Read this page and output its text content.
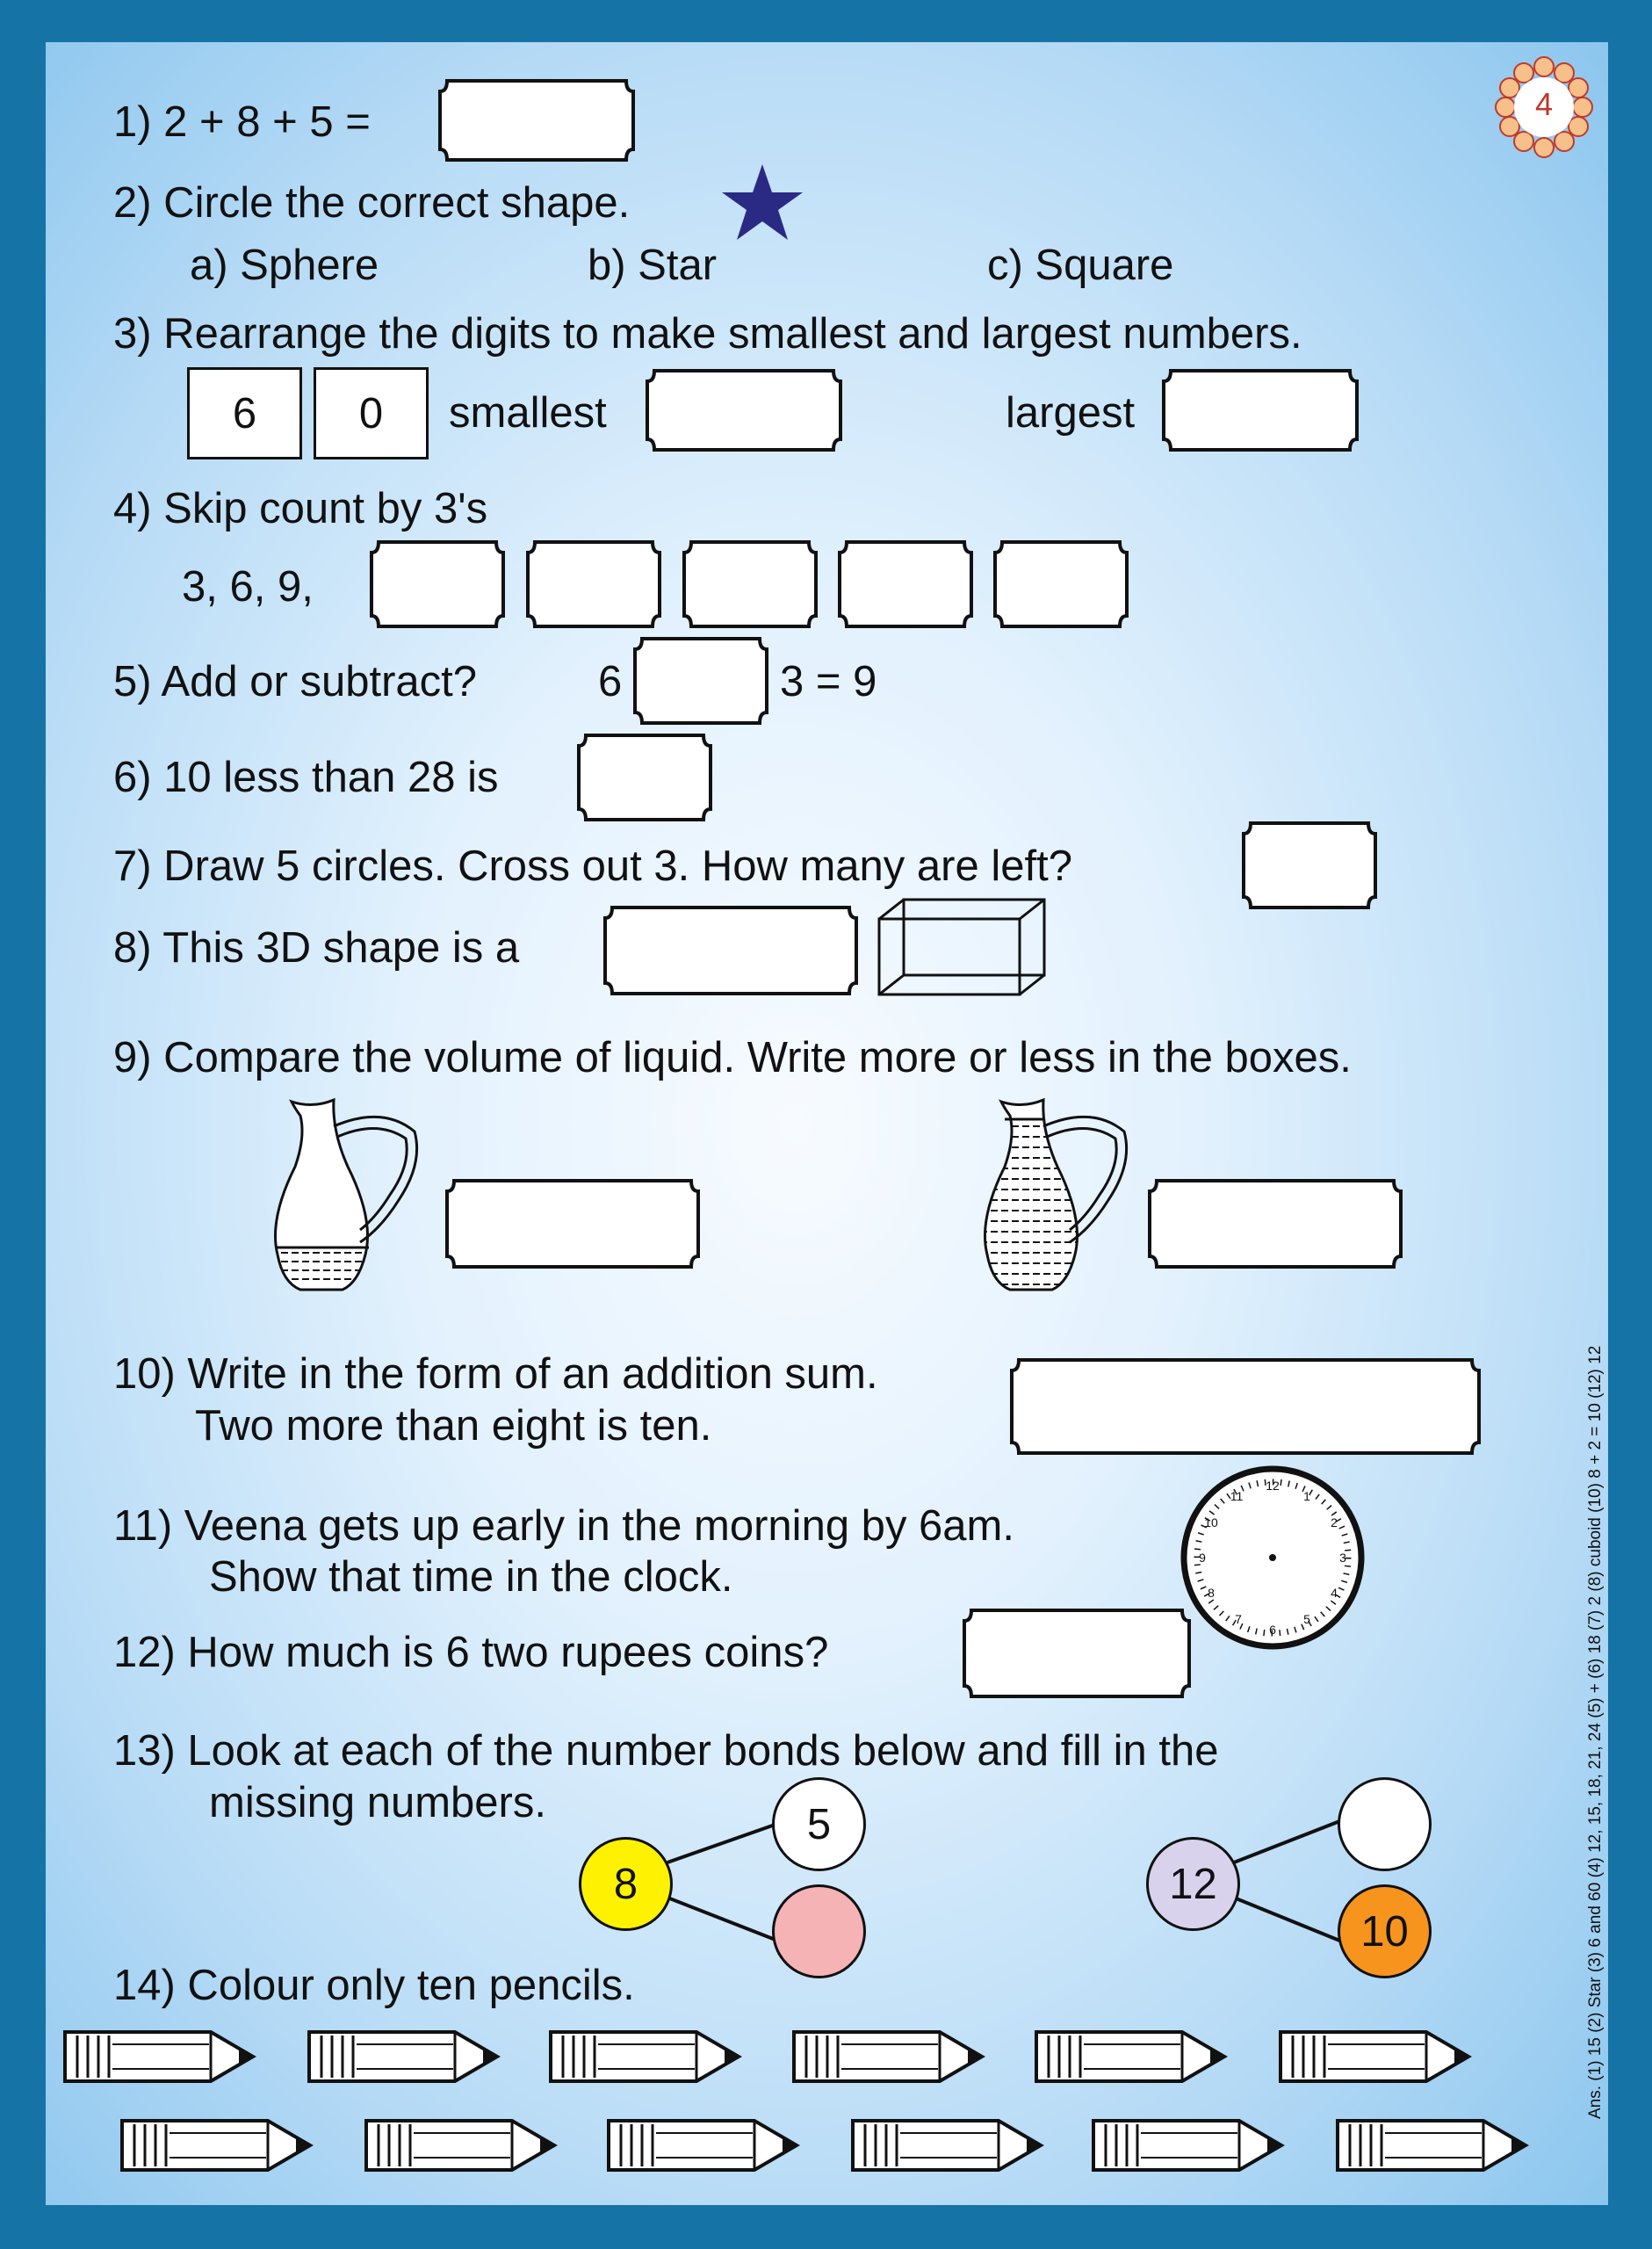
4
1) 2 + 8 + 5 =
2) Circle the correct shape.
a) Sphere	b) Star	c) Square
3) Rearrange the digits to make smallest and largest numbers.
6	0	smallest	largest
4) Skip count by 3's
3, 6, 9,
5) Add or subtract?	6	3 = 9
6) 10 less than 28 is
7) Draw 5 circles. Cross out 3. How many are left?
8) This 3D shape is a
9) Compare the volume of liquid. Write more or less in the boxes.
10) Write in the form of an addition sum.
Two more than eight is ten.
11) Veena gets up early in the morning by 6am.
Show that time in the clock.
12
1
2
3
4
5
6
7
8
9
10
11
12) How much is 6 two rupees coins?
13) Look at each of the number bonds below and fill in the
missing numbers.
8
5
12
10
14) Colour only ten pencils.	Ans. (1) 15 (2) Star (3) 6 and 60 (4) 12, 15, 18, 21, 24 (5) + (6) 18 (7) 2 (8) cuboid (10) 8 + 2 = 10 (12) 12
